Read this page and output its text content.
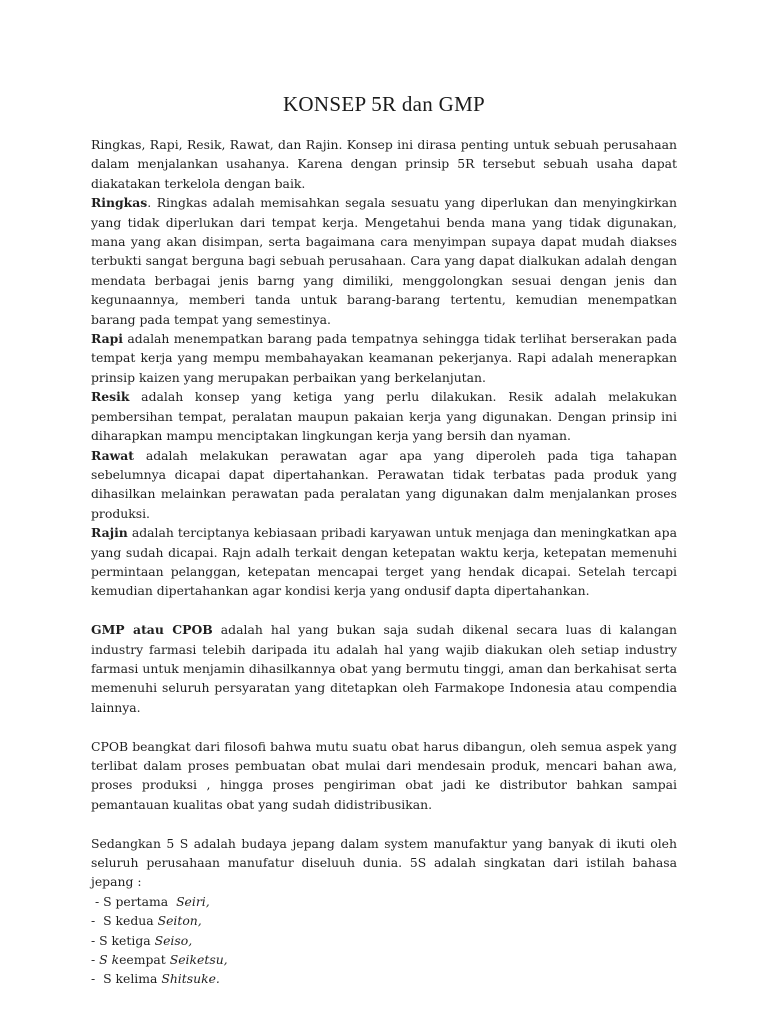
KONSEP 5R dan GMP

Ringkas, Rapi, Resik, Rawat, dan Rajin. Konsep ini dirasa penting untuk sebuah perusahaan dalam menjalankan usahanya. Karena dengan prinsip 5R tersebut sebuah usaha dapat diakatakan terkelola dengan baik.

Ringkas. Ringkas adalah memisahkan segala sesuatu yang diperlukan dan menyingkirkan yang tidak diperlukan dari tempat kerja. Mengetahui benda mana yang tidak digunakan, mana yang akan disimpan, serta bagaimana cara menyimpan supaya dapat mudah diakses terbukti sangat berguna bagi sebuah perusahaan. Cara yang dapat dialkukan adalah dengan mendata berbagai jenis barng yang dimiliki, menggolongkan sesuai dengan jenis dan kegunaannya, memberi tanda untuk barang-barang tertentu, kemudian menempatkan barang pada tempat yang semestinya.

Rapi adalah menempatkan barang pada tempatnya sehingga tidak terlihat berserakan pada tempat kerja yang mempu membahayakan keamanan pekerjanya. Rapi adalah menerapkan prinsip kaizen yang merupakan perbaikan yang berkelanjutan.

Resik adalah konsep yang ketiga yang perlu dilakukan. Resik adalah melakukan pembersihan tempat, peralatan maupun pakaian kerja yang digunakan. Dengan prinsip ini diharapkan mampu menciptakan lingkungan kerja yang bersih dan nyaman.

Rawat adalah melakukan perawatan agar apa yang diperoleh pada tiga tahapan sebelumnya dicapai dapat dipertahankan. Perawatan tidak terbatas pada produk yang dihasilkan melainkan perawatan pada peralatan yang digunakan dalm menjalankan proses produksi.

Rajin adalah terciptanya kebiasaan pribadi karyawan untuk menjaga dan meningkatkan apa yang sudah dicapai. Rajn adalh terkait dengan ketepatan waktu kerja, ketepatan memenuhi permintaan pelanggan, ketepatan mencapai terget yang hendak dicapai. Setelah tercapi kemudian dipertahankan agar kondisi kerja yang ondusif dapta dipertahankan.

GMP atau CPOB adalah hal yang bukan saja sudah dikenal secara luas di kalangan industry farmasi telebih daripada itu adalah hal yang wajib diakukan oleh setiap industry farmasi untuk menjamin dihasilkannya obat yang bermutu tinggi, aman dan berkahisat serta memenuhi seluruh persyaratan yang ditetapkan oleh Farmakope Indonesia atau compendia lainnya.

CPOB beangkat dari filosofi bahwa mutu suatu obat harus dibangun, oleh semua aspek yang terlibat dalam proses pembuatan obat mulai dari mendesain produk, mencari bahan awa, proses produksi , hingga proses pengiriman obat jadi ke distributor bahkan sampai pemantauan kualitas obat yang sudah didistribusikan.

Sedangkan 5 S adalah budaya jepang dalam system manufaktur yang banyak di ikuti oleh seluruh perusahaan manufatur diseluuh dunia. 5S adalah singkatan dari istilah bahasa jepang :

- S pertama  Seiri,

-  S kedua Seiton,

- S ketiga Seiso,

- S keempat Seiketsu,

-  S kelima Shitsuke.
